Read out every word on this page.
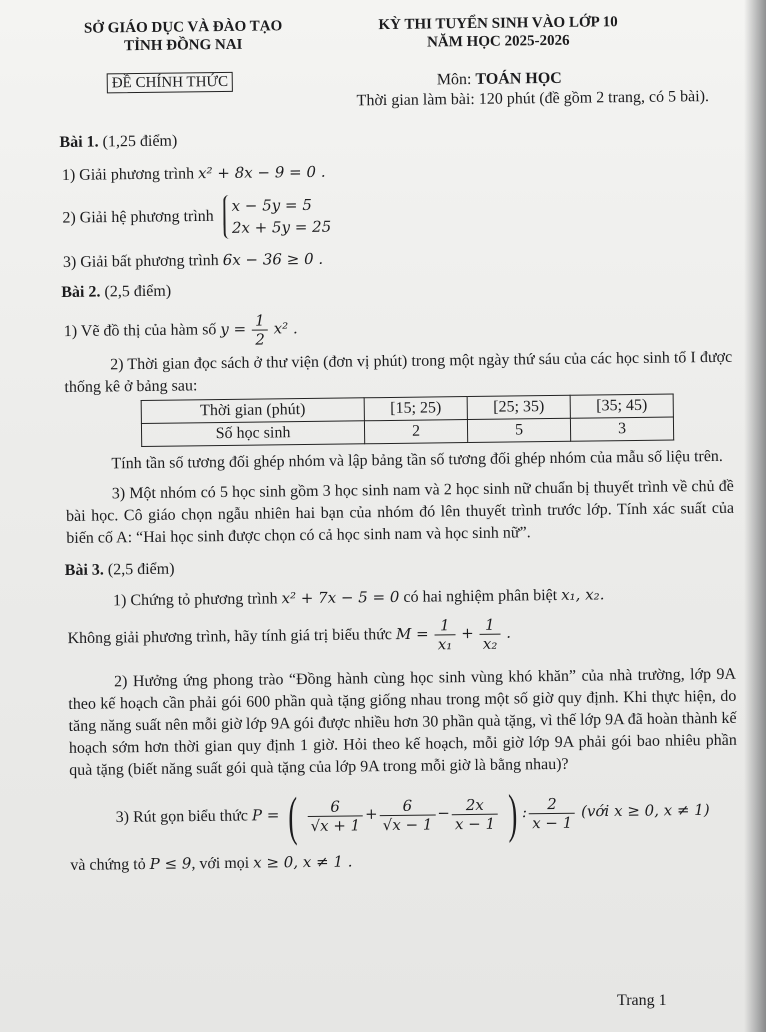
SỞ GIÁO DỤC VÀ ĐÀO TẠO
TỈNH ĐỒNG NAI
KỲ THI TUYỂN SINH VÀO LỚP 10
NĂM HỌC 2025-2026
ĐỀ CHÍNH THỨC	Môn: TOÁN HỌC
Thời gian làm bài: 120 phút (đề gồm 2 trang, có 5 bài).
Bài 1. (1,25 điểm)
1) Giải phương trình x² + 8x − 9 = 0 .
2) Giải hệ phương trình
x − 5y = 5
2x + 5y = 25
3) Giải bất phương trình 6x − 36 ≥ 0 .
Bài 2. (2,5 điểm)
1) Vẽ đồ thị của hàm số $y = \frac{1}{2} x^2$ .
2) Thời gian đọc sách ở thư viện (đơn vị phút) trong một ngày thứ sáu của các học sinh tổ I được thống kê ở bảng sau:
Thời gian (phút)	[15; 25)	[25; 35)	[35; 45)
Số học sinh	2	5	3
Tính tần số tương đối ghép nhóm và lập bảng tần số tương đối ghép nhóm của mẫu số liệu trên.
3) Một nhóm có 5 học sinh gồm 3 học sinh nam và 2 học sinh nữ chuẩn bị thuyết trình về chủ đề bài học. Cô giáo chọn ngẫu nhiên hai bạn của nhóm đó lên thuyết trình trước lớp. Tính xác suất của biến cố A: “Hai học sinh được chọn có cả học sinh nam và học sinh nữ”.
Bài 3. (2,5 điểm)
1) Chứng tỏ phương trình x² + 7x − 5 = 0 có hai nghiệm phân biệt x₁, x₂.
Không giải phương trình, hãy tính giá trị biểu thức $M = \frac{1}{\text{x₁}} + \frac{1}{\text{x₂}}$ .
2) Hưởng ứng phong trào “Đồng hành cùng học sinh vùng khó khăn” của nhà trường, lớp 9A theo kế hoạch cần phải gói 600 phần quà tặng giống nhau trong một số giờ quy định. Khi thực hiện, do tăng năng suất nên mỗi giờ lớp 9A gói được nhiều hơn 30 phần quà tặng, vì thế lớp 9A đã hoàn thành kế hoạch sớm hơn thời gian quy định 1 giờ. Hỏi theo kế hoạch, mỗi giờ lớp 9A phải gói bao nhiêu phần quà tặng (biết năng suất gói quà tặng của lớp 9A trong mỗi giờ là bằng nhau)?
3) Rút gọn biểu thức P = ( $\frac{6}{√x + 1} + \frac{6}{√x - 1} - \frac{2x}{x - 1}$ ) : $\frac{2}{x - 1}$ (với x ≥ 0, x ≠ 1)
và chứng tỏ P ≤ 9, với mọi x ≥ 0, x ≠ 1 .
Trang 1
